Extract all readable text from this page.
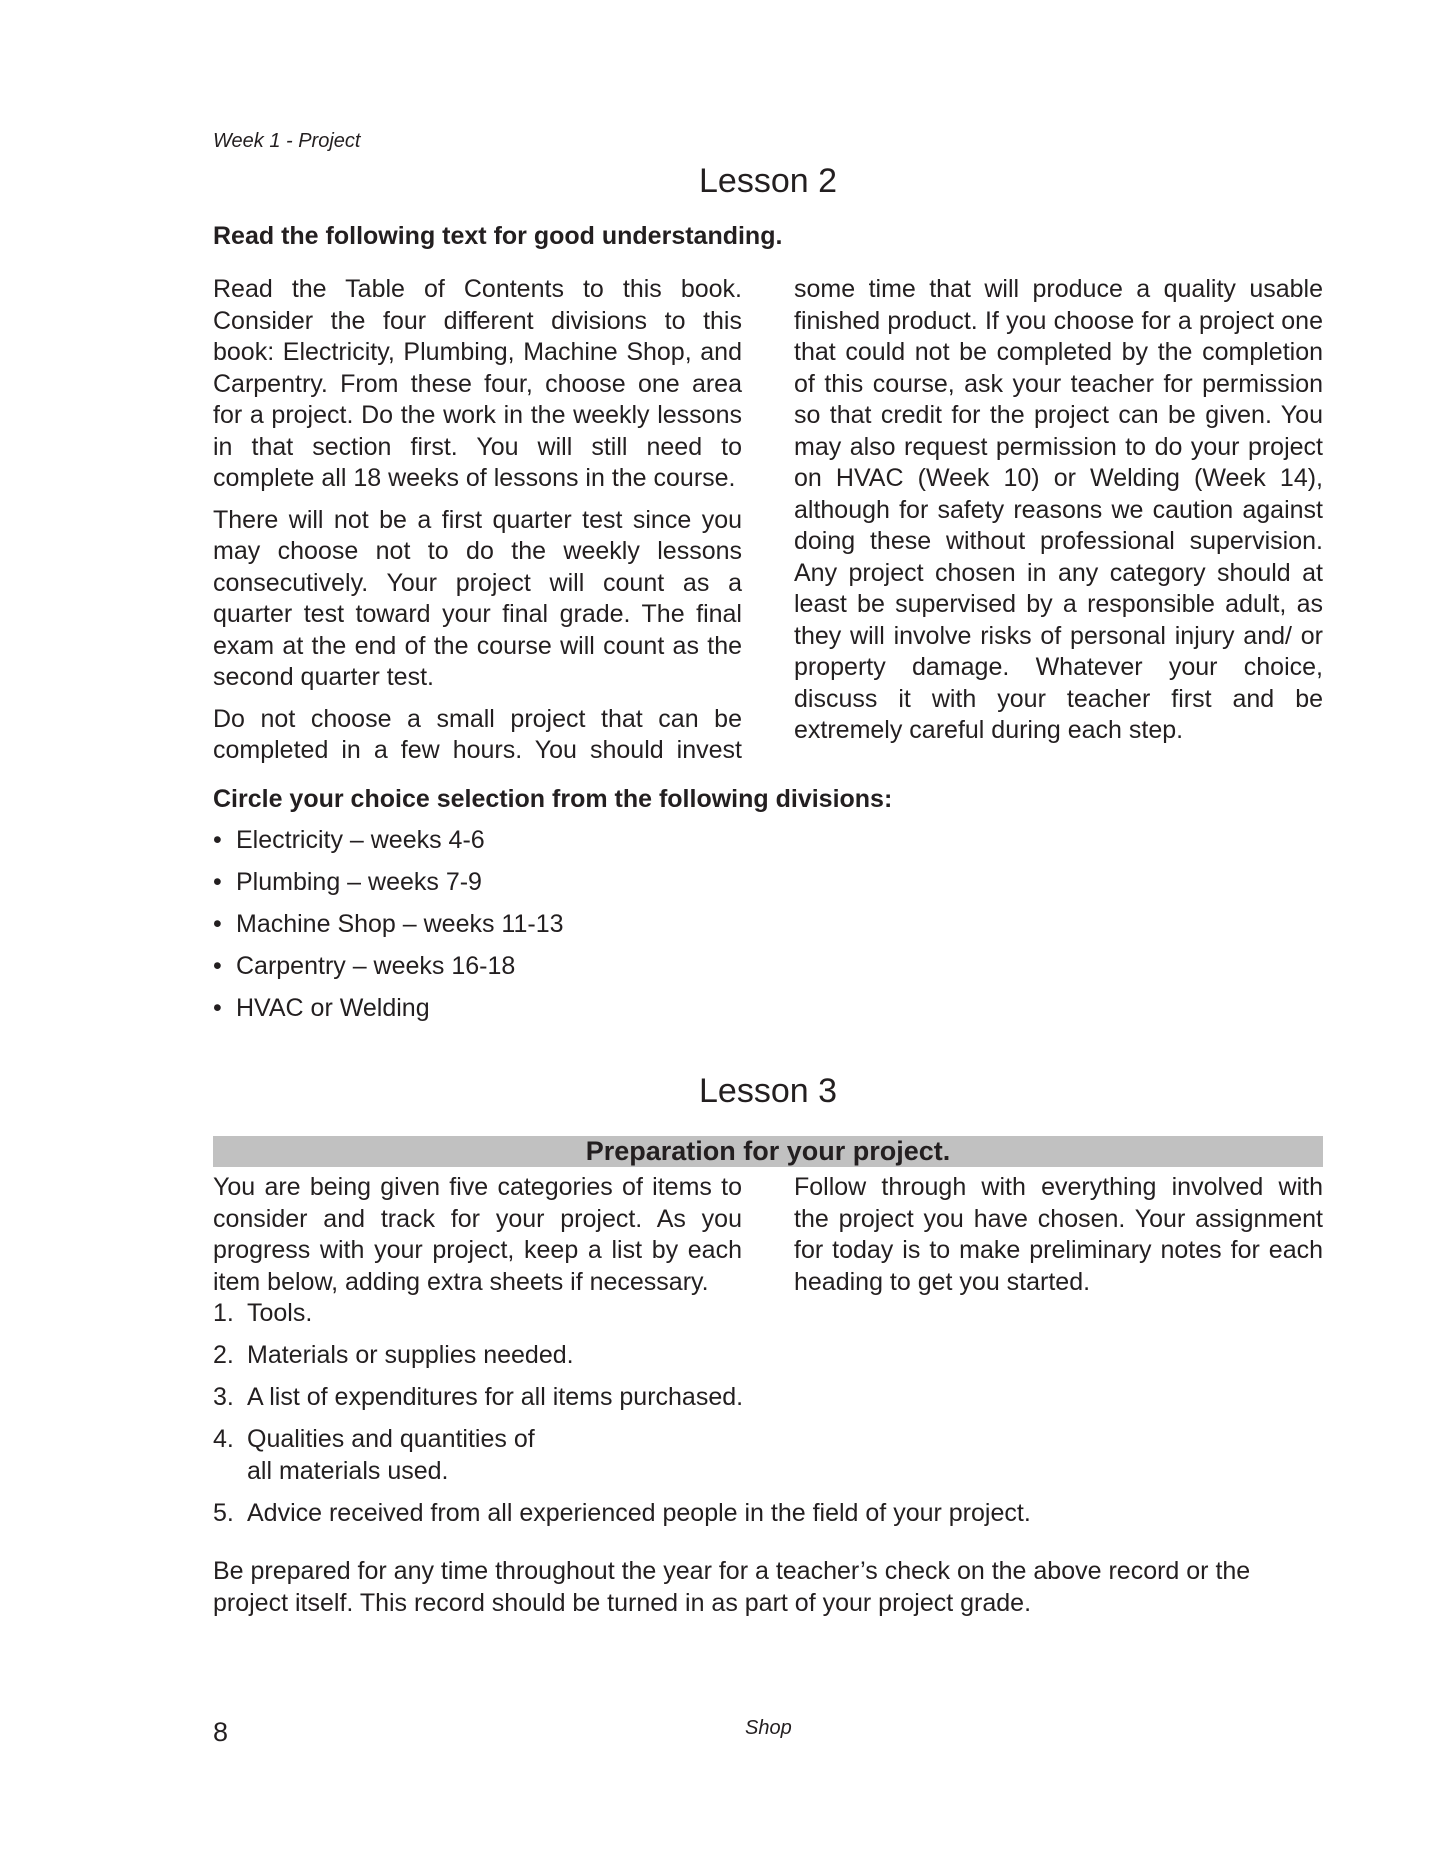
Week 1 - Project
Lesson 2
Read the following text for good understanding.

Read the Table of Contents to this book. Consider the four different divisions to this book: Electricity, Plumbing, Machine Shop, and Carpentry. From these four, choose one area for a project. Do the work in the weekly lessons in that section first. You will still need to complete all 18 weeks of lessons in the course.

There will not be a first quarter test since you may choose not to do the weekly lessons consecutively. Your project will count as a quarter test toward your final grade. The final exam at the end of the course will count as the second quarter test.

Do not choose a small project that can be completed in a few hours. You should invest some time that will produce a quality usable finished product. If you choose for a project one that could not be completed by the completion of this course, ask your teacher for permission so that credit for the project can be given. You may also request permission to do your project on HVAC (Week 10) or Welding (Week 14), although for safety reasons we caution against doing these without professional supervision. Any project chosen in any category should at least be supervised by a responsible adult, as they will involve risks of personal injury and/ or property damage. Whatever your choice, discuss it with your teacher first and be extremely careful during each step.

Circle your choice selection from the following divisions:
• Electricity – weeks 4-6
• Plumbing – weeks 7-9
• Machine Shop – weeks 11-13
• Carpentry – weeks 16-18
• HVAC or Welding
Lesson 3
Preparation for your project.

You are being given five categories of items to consider and track for your project. As you progress with your project, keep a list by each item below, adding extra sheets if necessary.

Follow through with everything involved with the project you have chosen. Your assignment for today is to make preliminary notes for each heading to get you started.

1. Tools.
2. Materials or supplies needed.
3. A list of expenditures for all items purchased.
4. Qualities and quantities of
all materials used.
5. Advice received from all experienced people in the field of your project.

Be prepared for any time throughout the year for a teacher’s check on the above record or the project itself. This record should be turned in as part of your project grade.

8	Shop
